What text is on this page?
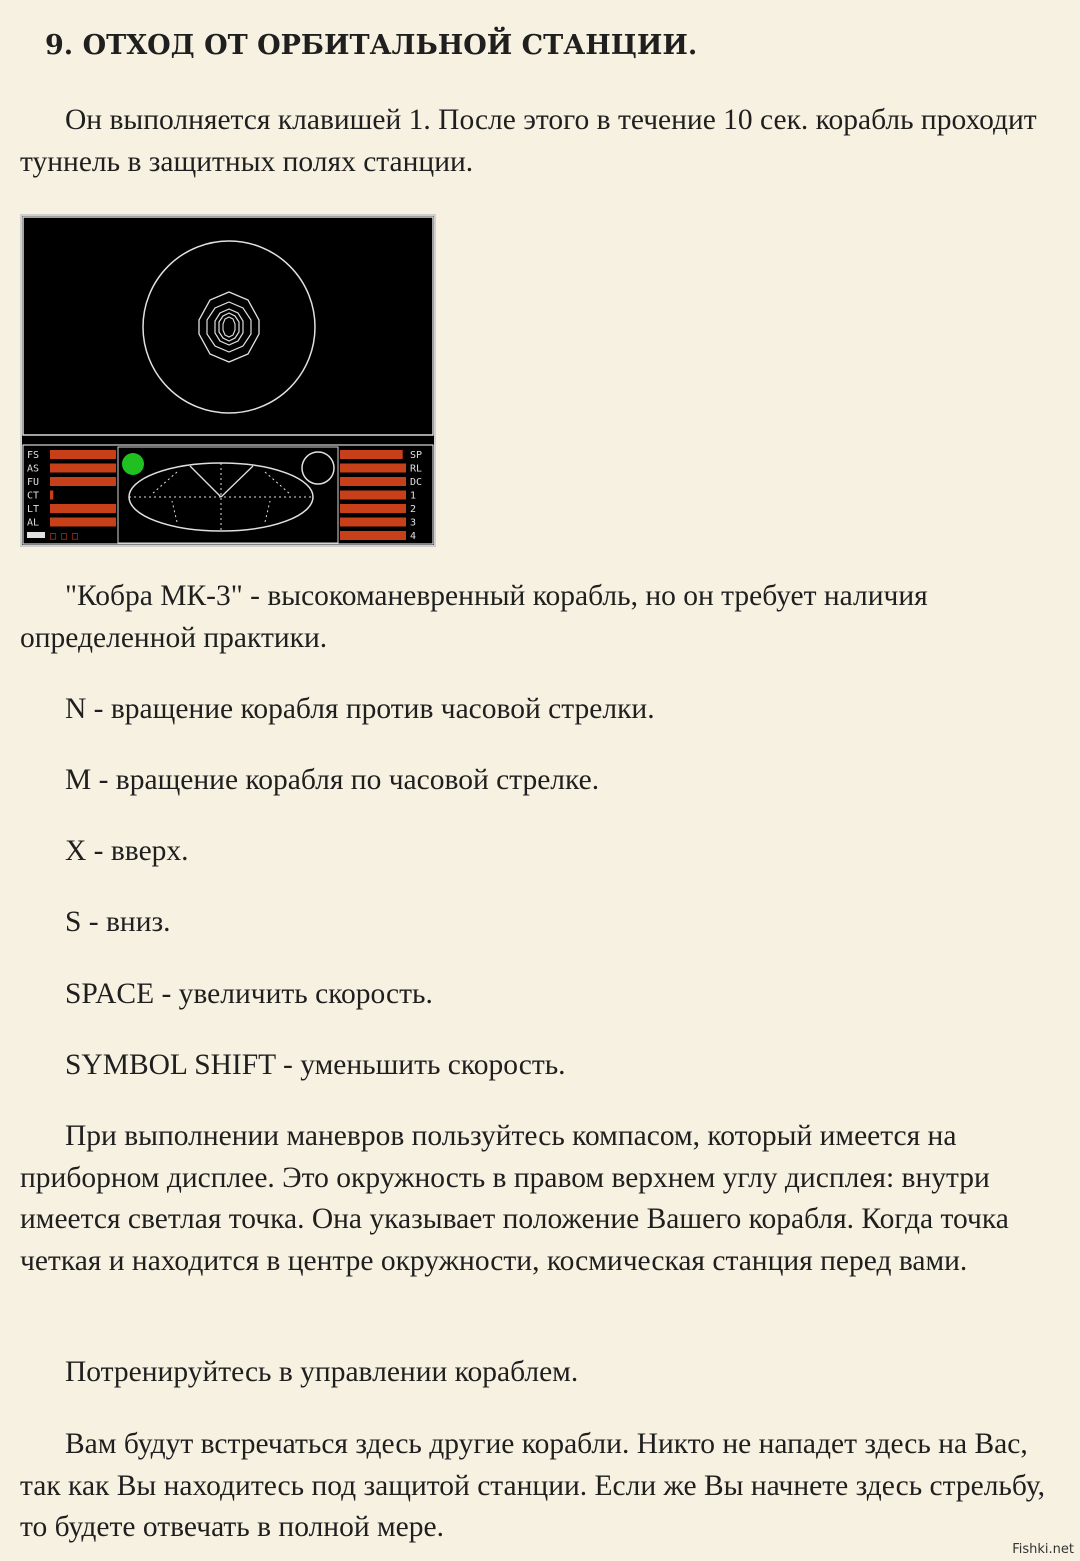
9. ОТХОД ОТ ОРБИТАЛЬНОЙ СТАНЦИИ.

Он выполняется клавишей 1. После этого в течение 10 сек. корабль проходит туннель в защитных полях станции.

FS
AS
FU
CT
LT
AL
□ □ □
SP
RL
DC
1
2
3
4

"Кобра МК-3" - высокоманевренный корабль, но он требует наличия определенной практики.

N - вращение корабля против часовой стрелки.

M - вращение корабля по часовой стрелке.

X - вверх.

S - вниз.

SPACE - увеличить скорость.

SYMBOL SHIFT - уменьшить скорость.

При выполнении маневров пользуйтесь компасом, который имеется на приборном дисплее. Это окружность в правом верхнем углу дисплея: внутри имеется светлая точка. Она указывает положение Вашего корабля. Когда точка четкая и находится в центре окружности, космическая станция перед вами.

Потренируйтесь в управлении кораблем.

Вам будут встречаться здесь другие корабли. Никто не нападет здесь на Вас, так как Вы находитесь под защитой станции. Если же Вы начнете здесь стрельбу, то будете отвечать в полной мере.

Fishki.net
